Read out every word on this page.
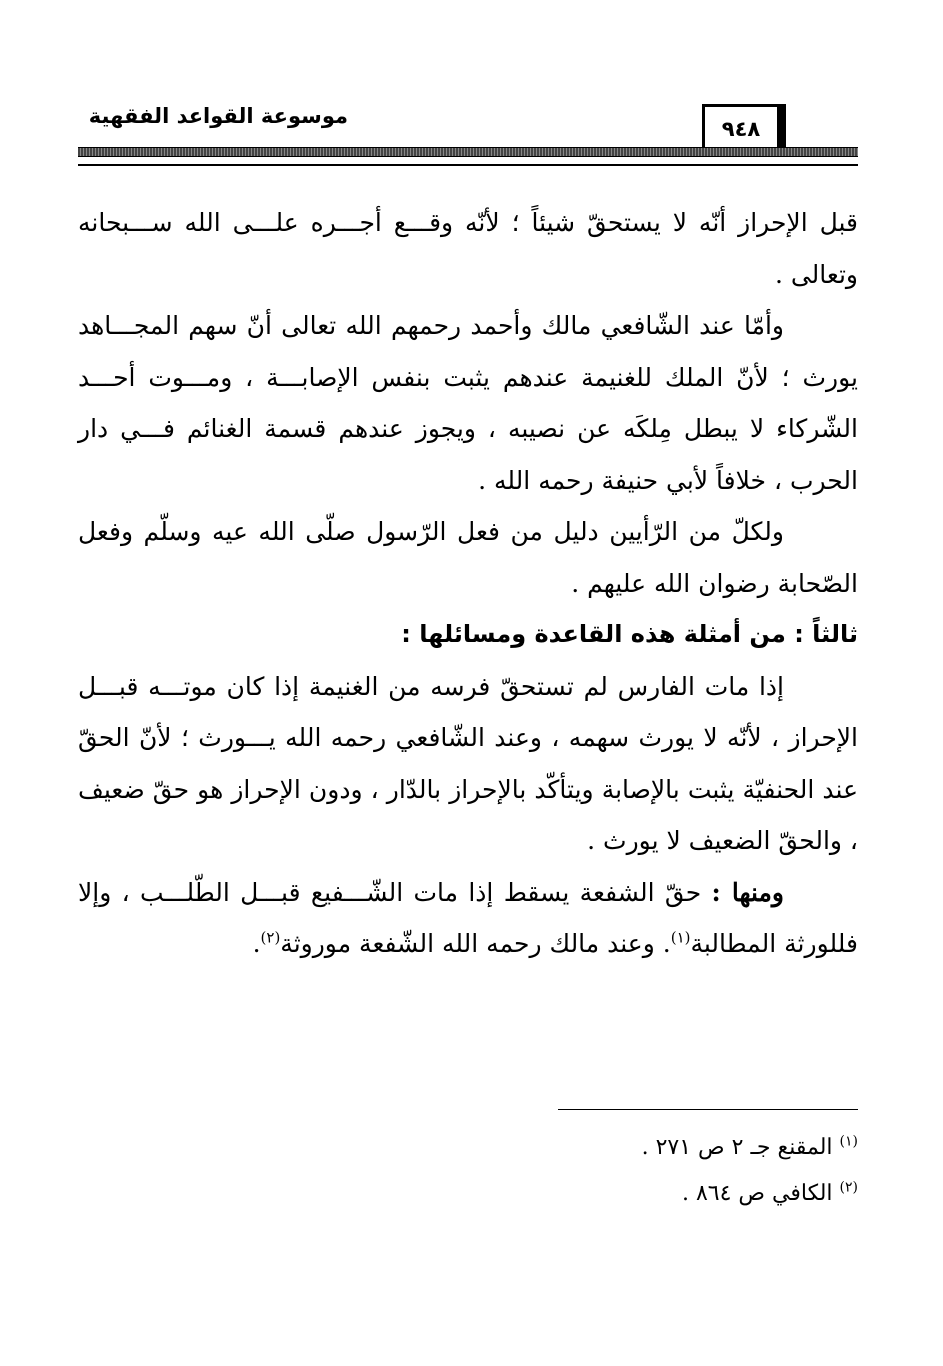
موسوعة القواعد الفقهية
٩٤٨

قبل الإحراز أنّه لا يستحقّ شيئاً ؛ لأنّه وقـــع أجـــره علـــى الله ســـبحانه وتعالى .

وأمّا عند الشّافعي مالك وأحمد رحمهم الله تعالى أنّ سهم المجـــاهد يورث ؛ لأنّ الملك للغنيمة عندهم يثبت بنفس الإصابـــة ، ومـــوت أحـــد الشّركاء لا يبطل مِلكَه عن نصيبه ، ويجوز عندهم قسمة الغنائم فـــي دار الحرب ، خلافاً لأبي حنيفة رحمه الله .

ولكلّ من الرّأيين دليل من فعل الرّسول صلّى الله عيه وسلّم وفعل الصّحابة رضوان الله عليهم .

ثالثاً : من أمثلة هذه القاعدة ومسائلها :

إذا مات الفارس لم تستحقّ فرسه من الغنيمة إذا كان موتـــه قبـــل الإحراز ، لأنّه لا يورث سهمه ، وعند الشّافعي رحمه الله يـــورث ؛ لأنّ الحقّ عند الحنفيّة يثبت بالإصابة ويتأكّد بالإحراز بالدّار ، ودون الإحراز هو حقّ ضعيف ، والحقّ الضعيف لا يورث .

ومنها : حقّ الشفعة يسقط إذا مات الشّـــفيع قبـــل الطّلـــب ، وإلا فللورثة المطالبة$^{(١)}$. وعند مالك رحمه الله الشّفعة موروثة$^{(٢)}$.

$^{(١)}$ المقنع جـ ٢ ص ٢٧١ .

$^{(٢)}$ الكافي ص ٨٦٤ .
